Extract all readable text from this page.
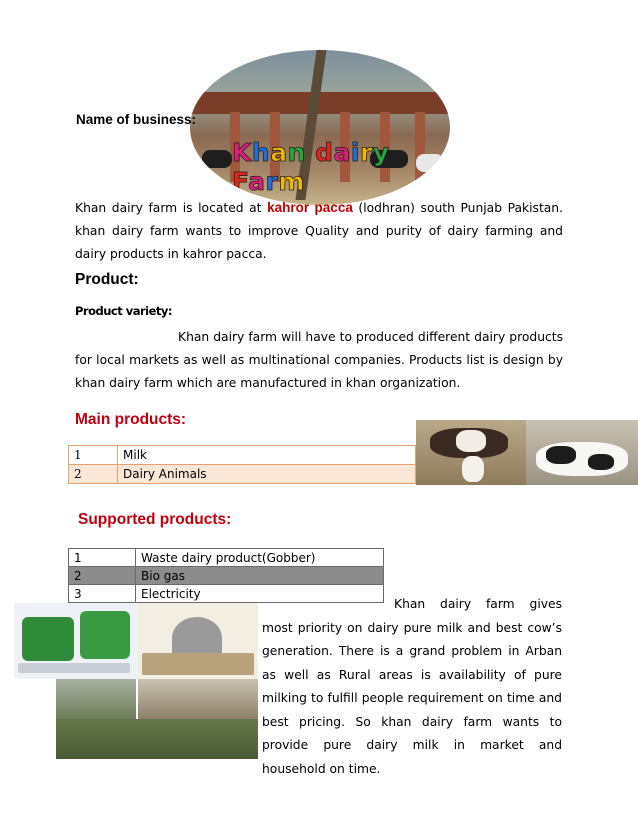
Khan dairy Farm
Name of business:
Khan dairy farm is located at kahror pacca (lodhran) south Punjab Pakistan. khan dairy farm wants to improve Quality and purity of dairy farming and dairy products in kahror pacca.
Product:
Product variety:
Khan dairy farm will have to produced different dairy products for local markets as well as multinational companies. Products list is design by khan dairy farm which are manufactured in khan organization.
Main products:
1	Milk
2	Dairy Animals
Supported products:
1	Waste dairy product(Gobber)
2	Bio gas
3	Electricity
Khan dairy farm gives most priority on dairy pure milk and best cow’s generation. There is a grand problem in Arban as well as Rural areas is availability of pure milking to fulfill people requirement on time and best pricing. So khan dairy farm wants to provide pure dairy milk in market and household on time.
